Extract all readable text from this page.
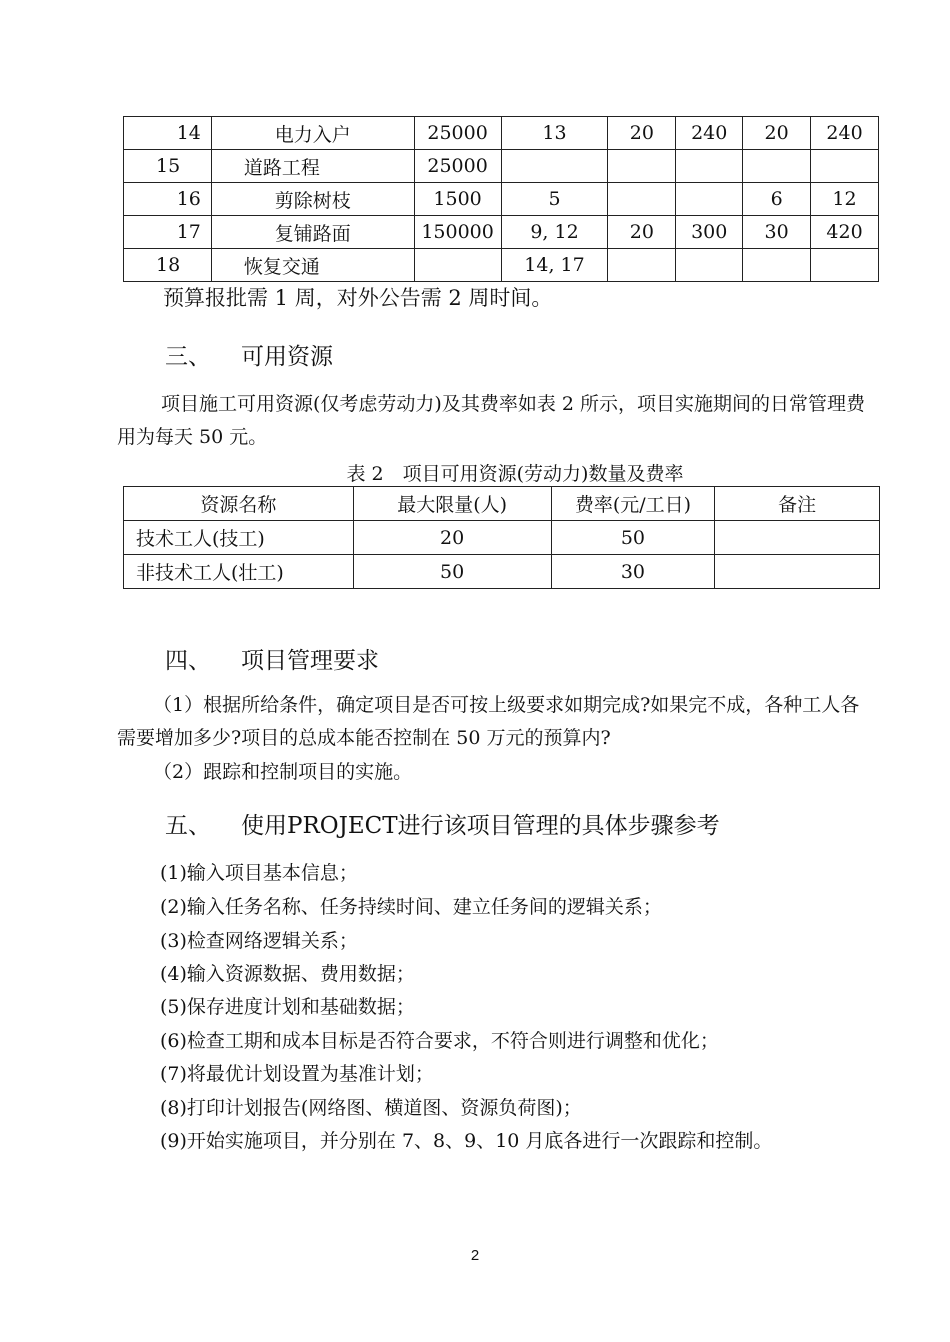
14	电力入户	25000	13	20	240	20	240
15	道路工程	25000					
16	剪除树枝	1500	5			6	12
17	复铺路面	150000	9, 12	20	300	30	420
18	恢复交通		14, 17				
预算报批需 1 周，对外公告需 2 周时间。
三、 可用资源
项目施工可用资源(仅考虑劳动力)及其费率如表 2 所示，项目实施期间的日常管理费用为每天 50 元。
表 2　项目可用资源(劳动力)数量及费率
资源名称	最大限量(人)	费率(元/工日)	备注
技术工人(技工)	20	50	
非技术工人(壮工)	50	30	
四、 项目管理要求
（1）根据所给条件，确定项目是否可按上级要求如期完成?如果完不成，各种工人各需要增加多少?项目的总成本能否控制在 50 万元的预算内?
（2）跟踪和控制项目的实施。
五、 使用PROJECT进行该项目管理的具体步骤参考
(1)输入项目基本信息；
(2)输入任务名称、任务持续时间、建立任务间的逻辑关系；
(3)检查网络逻辑关系；
(4)输入资源数据、费用数据；
(5)保存进度计划和基础数据；
(6)检查工期和成本目标是否符合要求，不符合则进行调整和优化；
(7)将最优计划设置为基准计划；
(8)打印计划报告(网络图、横道图、资源负荷图)；
(9)开始实施项目，并分别在 7、8、9、10 月底各进行一次跟踪和控制。
2
